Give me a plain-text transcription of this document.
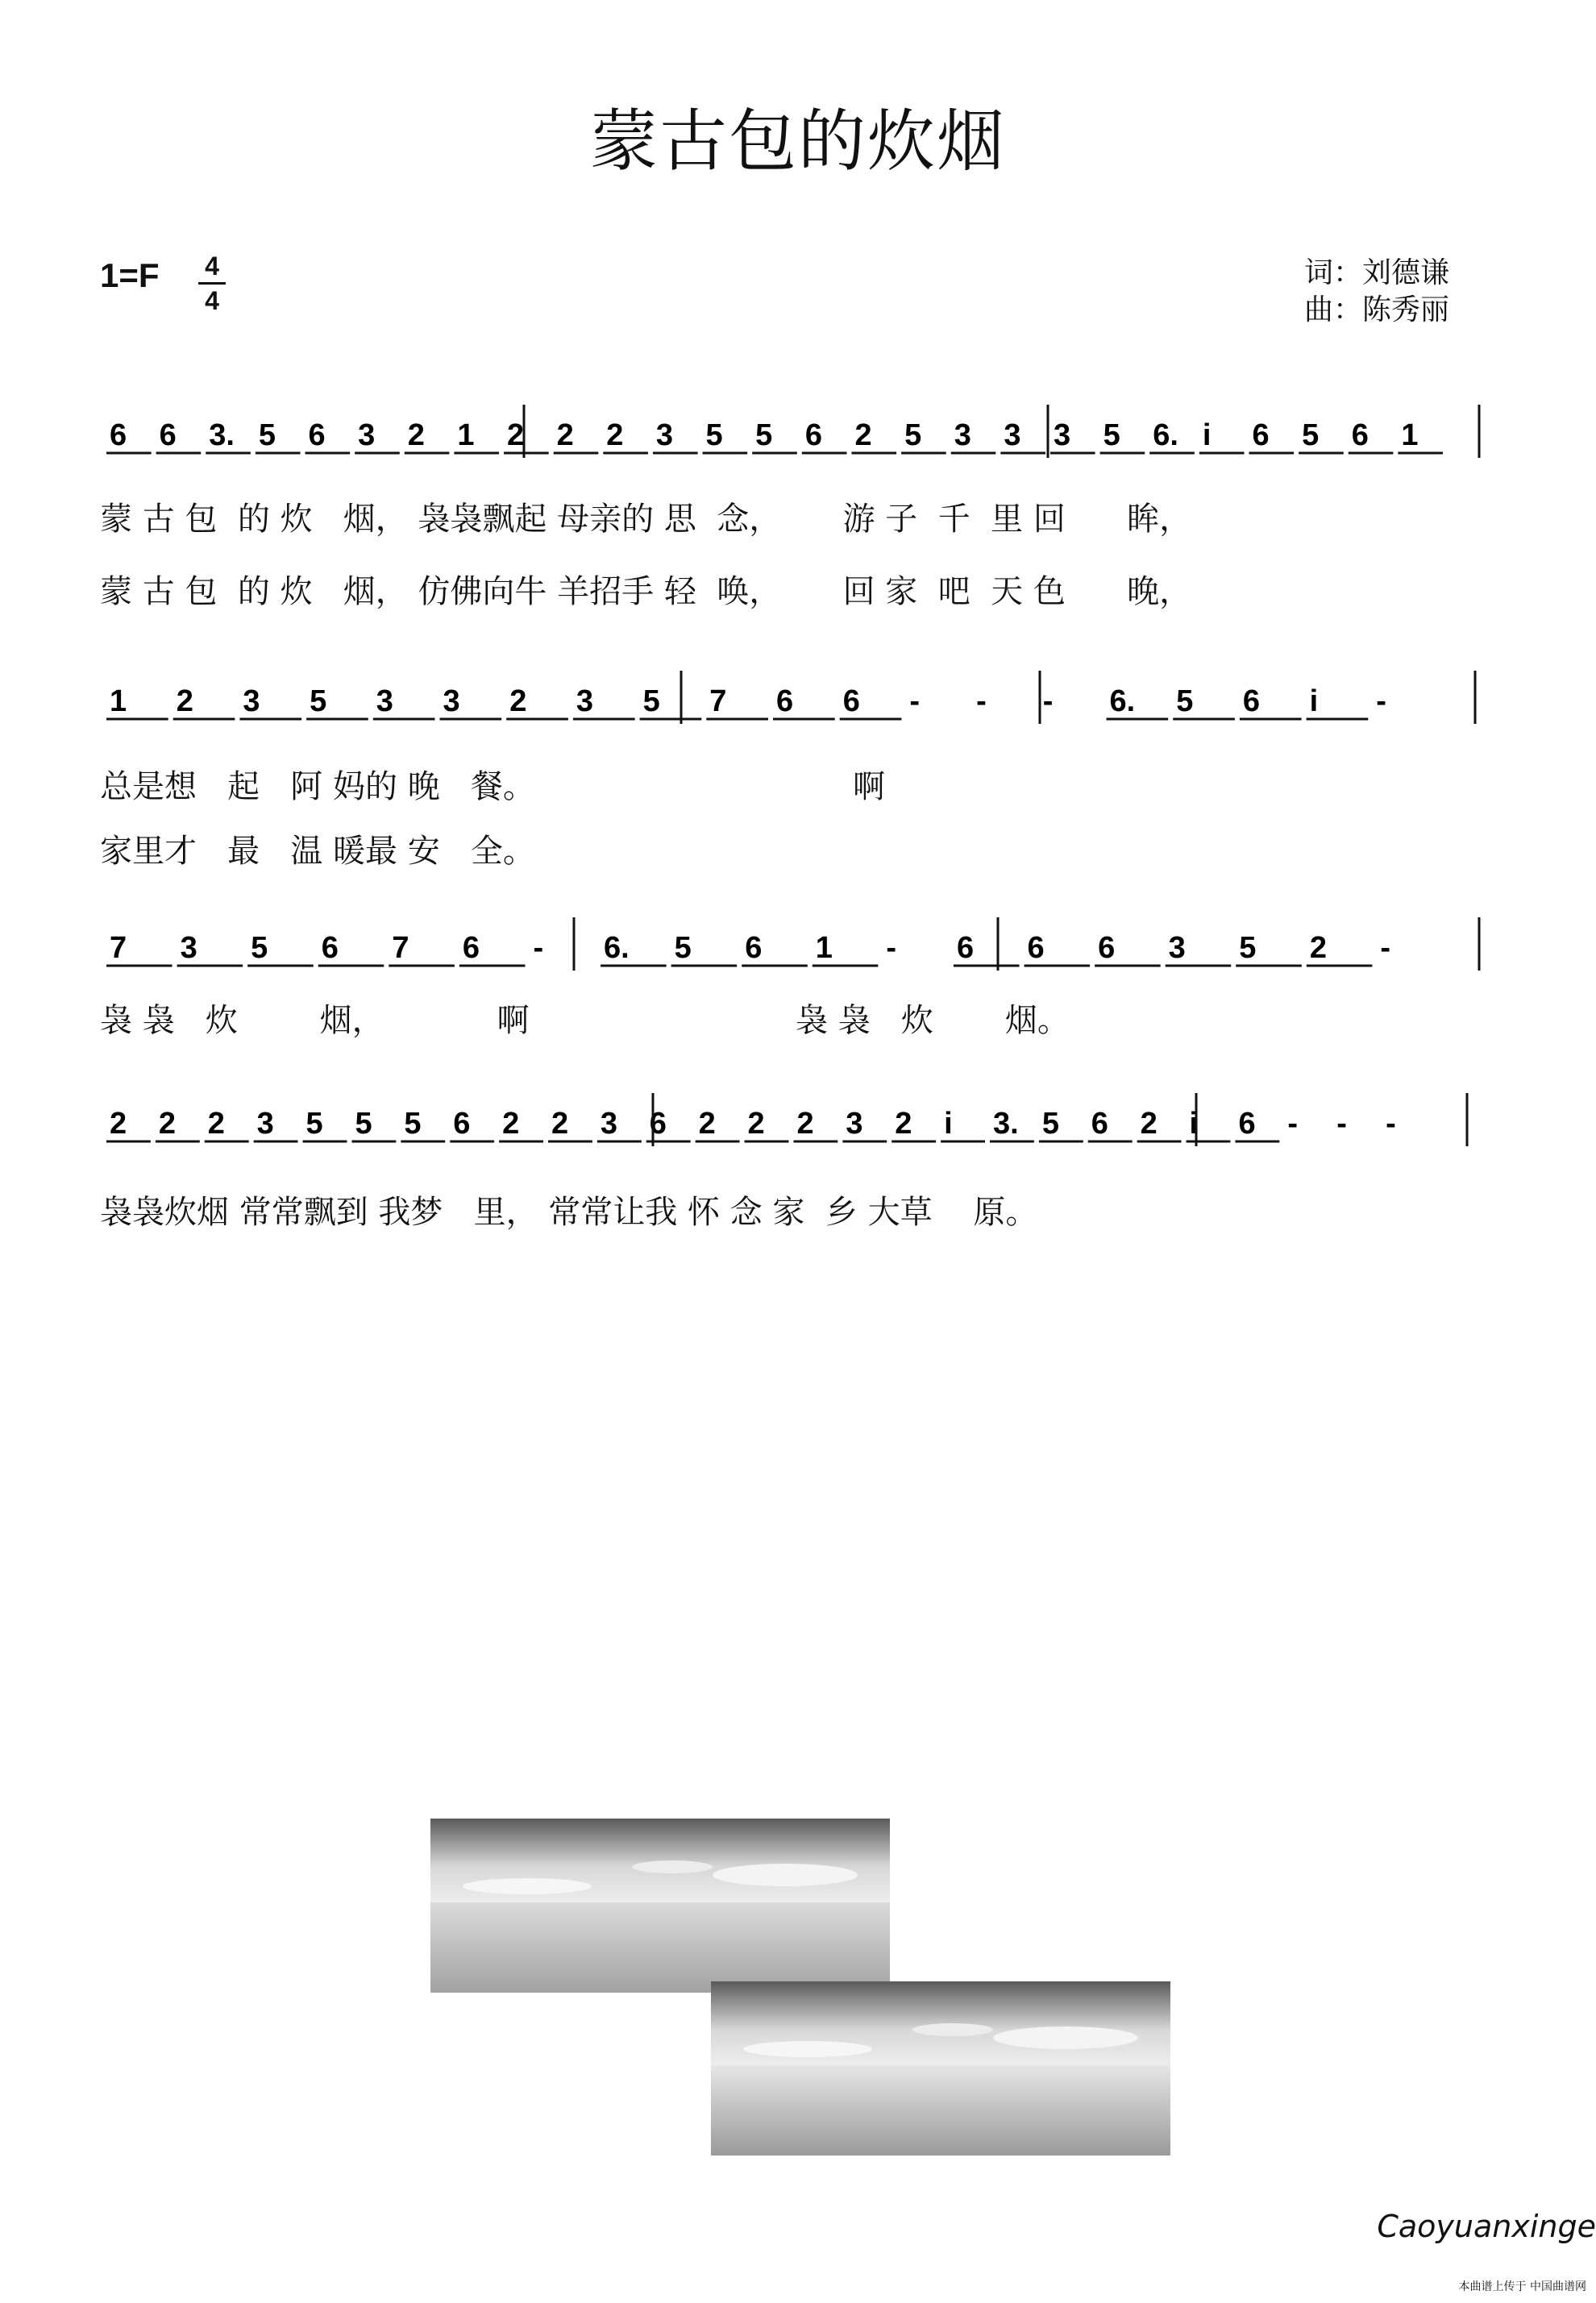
蒙古包的炊烟
1=F 4
4
词：刘德谦
曲：陈秀丽
6 6 3. 5 6 3 2 1 2 2 2 3 5 5 6 2 5 3 3 3 5 6. i 6 5 6 1
1 2 3 5 3 3 2 3 5 7 6 6 - - - 6. 5 6 i -
7 3 5 6 7 6 - 6. 5 6 1 - 6 6 6 3 5 2 -
2 2 2 3 5 5 5 6 2 2 3 6 2 2 2 3 2 i 3. 5 6 2 i 6 - - -
蒙 古 包  的 炊   烟， 袅袅飘起 母亲的 思  念，      游 子  千  里 回      眸，
蒙 古 包  的 炊   烟， 仿佛向牛 羊招手 轻  唤，      回 家  吧  天 色      晚，
总是想   起   阿 妈的 晚   餐。                               啊
家里才   最   温 暖最 安   全。
袅 袅   炊        烟，           啊                          袅 袅   炊       烟。
袅袅炊烟 常常飘到 我梦   里， 常常让我 怀 念 家  乡 大草    原。
Caoyuanxinge
本曲谱上传于 中国曲谱网
